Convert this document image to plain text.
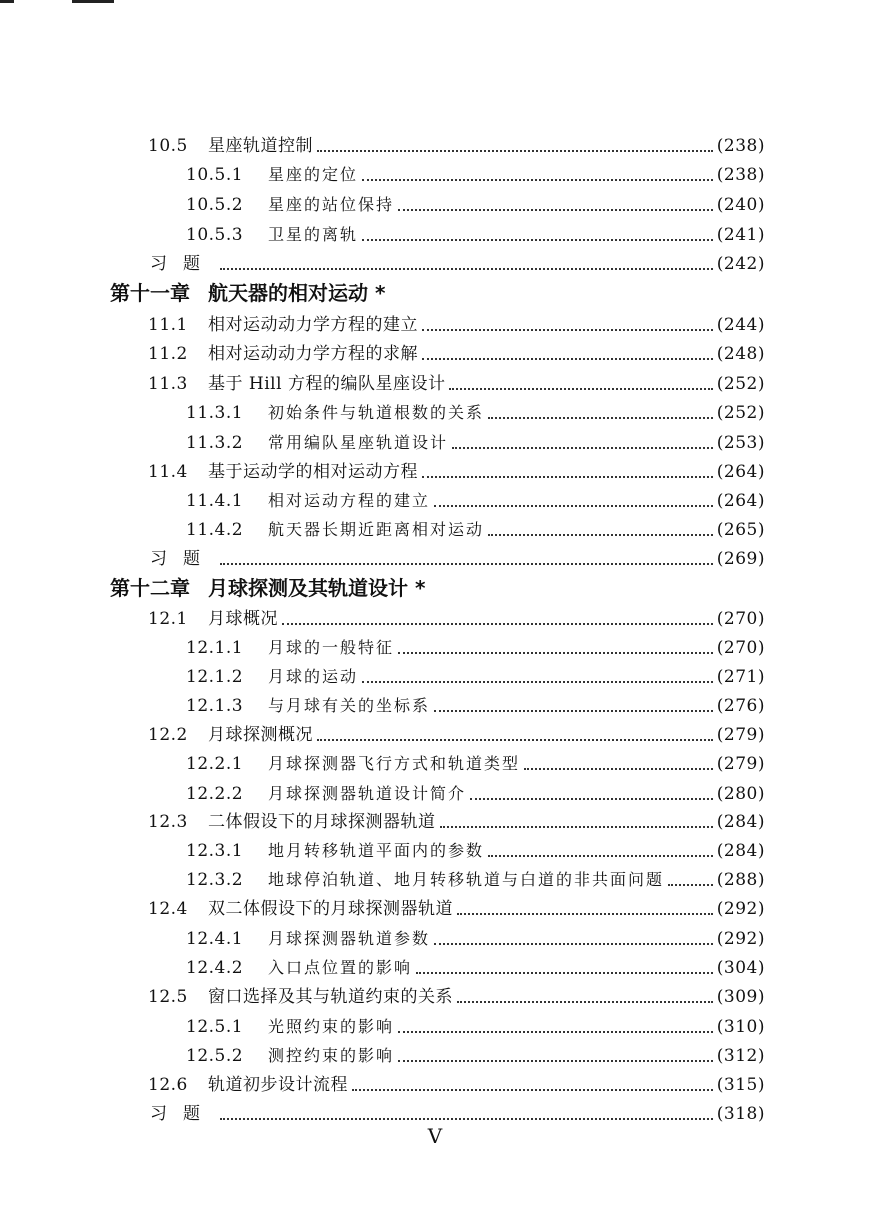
10.5	星座轨道控制	(238)
10.5.1	星座的定位	(238)
10.5.2	星座的站位保持	(240)
10.5.3	卫星的离轨	(241)
习题	(242)
第十一章 航天器的相对运动 *
11.1	相对运动动力学方程的建立	(244)
11.2	相对运动动力学方程的求解	(248)
11.3	基于 Hill 方程的编队星座设计	(252)
11.3.1	初始条件与轨道根数的关系	(252)
11.3.2	常用编队星座轨道设计	(253)
11.4	基于运动学的相对运动方程	(264)
11.4.1	相对运动方程的建立	(264)
11.4.2	航天器长期近距离相对运动	(265)
习题	(269)
第十二章 月球探测及其轨道设计 *
12.1	月球概况	(270)
12.1.1	月球的一般特征	(270)
12.1.2	月球的运动	(271)
12.1.3	与月球有关的坐标系	(276)
12.2	月球探测概况	(279)
12.2.1	月球探测器飞行方式和轨道类型	(279)
12.2.2	月球探测器轨道设计简介	(280)
12.3	二体假设下的月球探测器轨道	(284)
12.3.1	地月转移轨道平面内的参数	(284)
12.3.2	地球停泊轨道、地月转移轨道与白道的非共面问题	(288)
12.4	双二体假设下的月球探测器轨道	(292)
12.4.1	月球探测器轨道参数	(292)
12.4.2	入口点位置的影响	(304)
12.5	窗口选择及其与轨道约束的关系	(309)
12.5.1	光照约束的影响	(310)
12.5.2	测控约束的影响	(312)
12.6	轨道初步设计流程	(315)
习题	(318)
V
